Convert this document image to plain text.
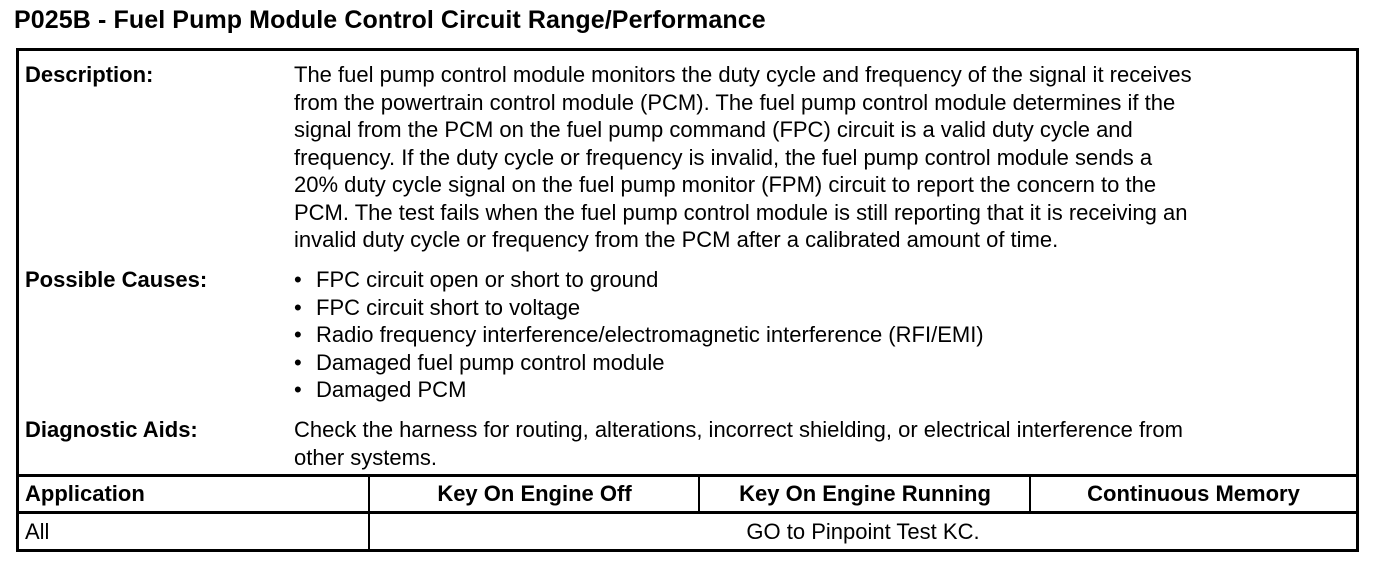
P025B - Fuel Pump Module Control Circuit Range/Performance
Description:	The fuel pump control module monitors the duty cycle and frequency of the signal it receives
from the powertrain control module (PCM). The fuel pump control module determines if the
signal from the PCM on the fuel pump command (FPC) circuit is a valid duty cycle and
frequency. If the duty cycle or frequency is invalid, the fuel pump control module sends a
20% duty cycle signal on the fuel pump monitor (FPM) circuit to report the concern to the
PCM. The test fails when the fuel pump control module is still reporting that it is receiving an
invalid duty cycle or frequency from the PCM after a calibrated amount of time.
Possible Causes:	• FPC circuit open or short to ground
• FPC circuit short to voltage
• Radio frequency interference/electromagnetic interference (RFI/EMI)
• Damaged fuel pump control module
• Damaged PCM
Diagnostic Aids:	Check the harness for routing, alterations, incorrect shielding, or electrical interference from
other systems.
Application	Key On Engine Off	Key On Engine Running	Continuous Memory
All	GO to Pinpoint Test KC.
